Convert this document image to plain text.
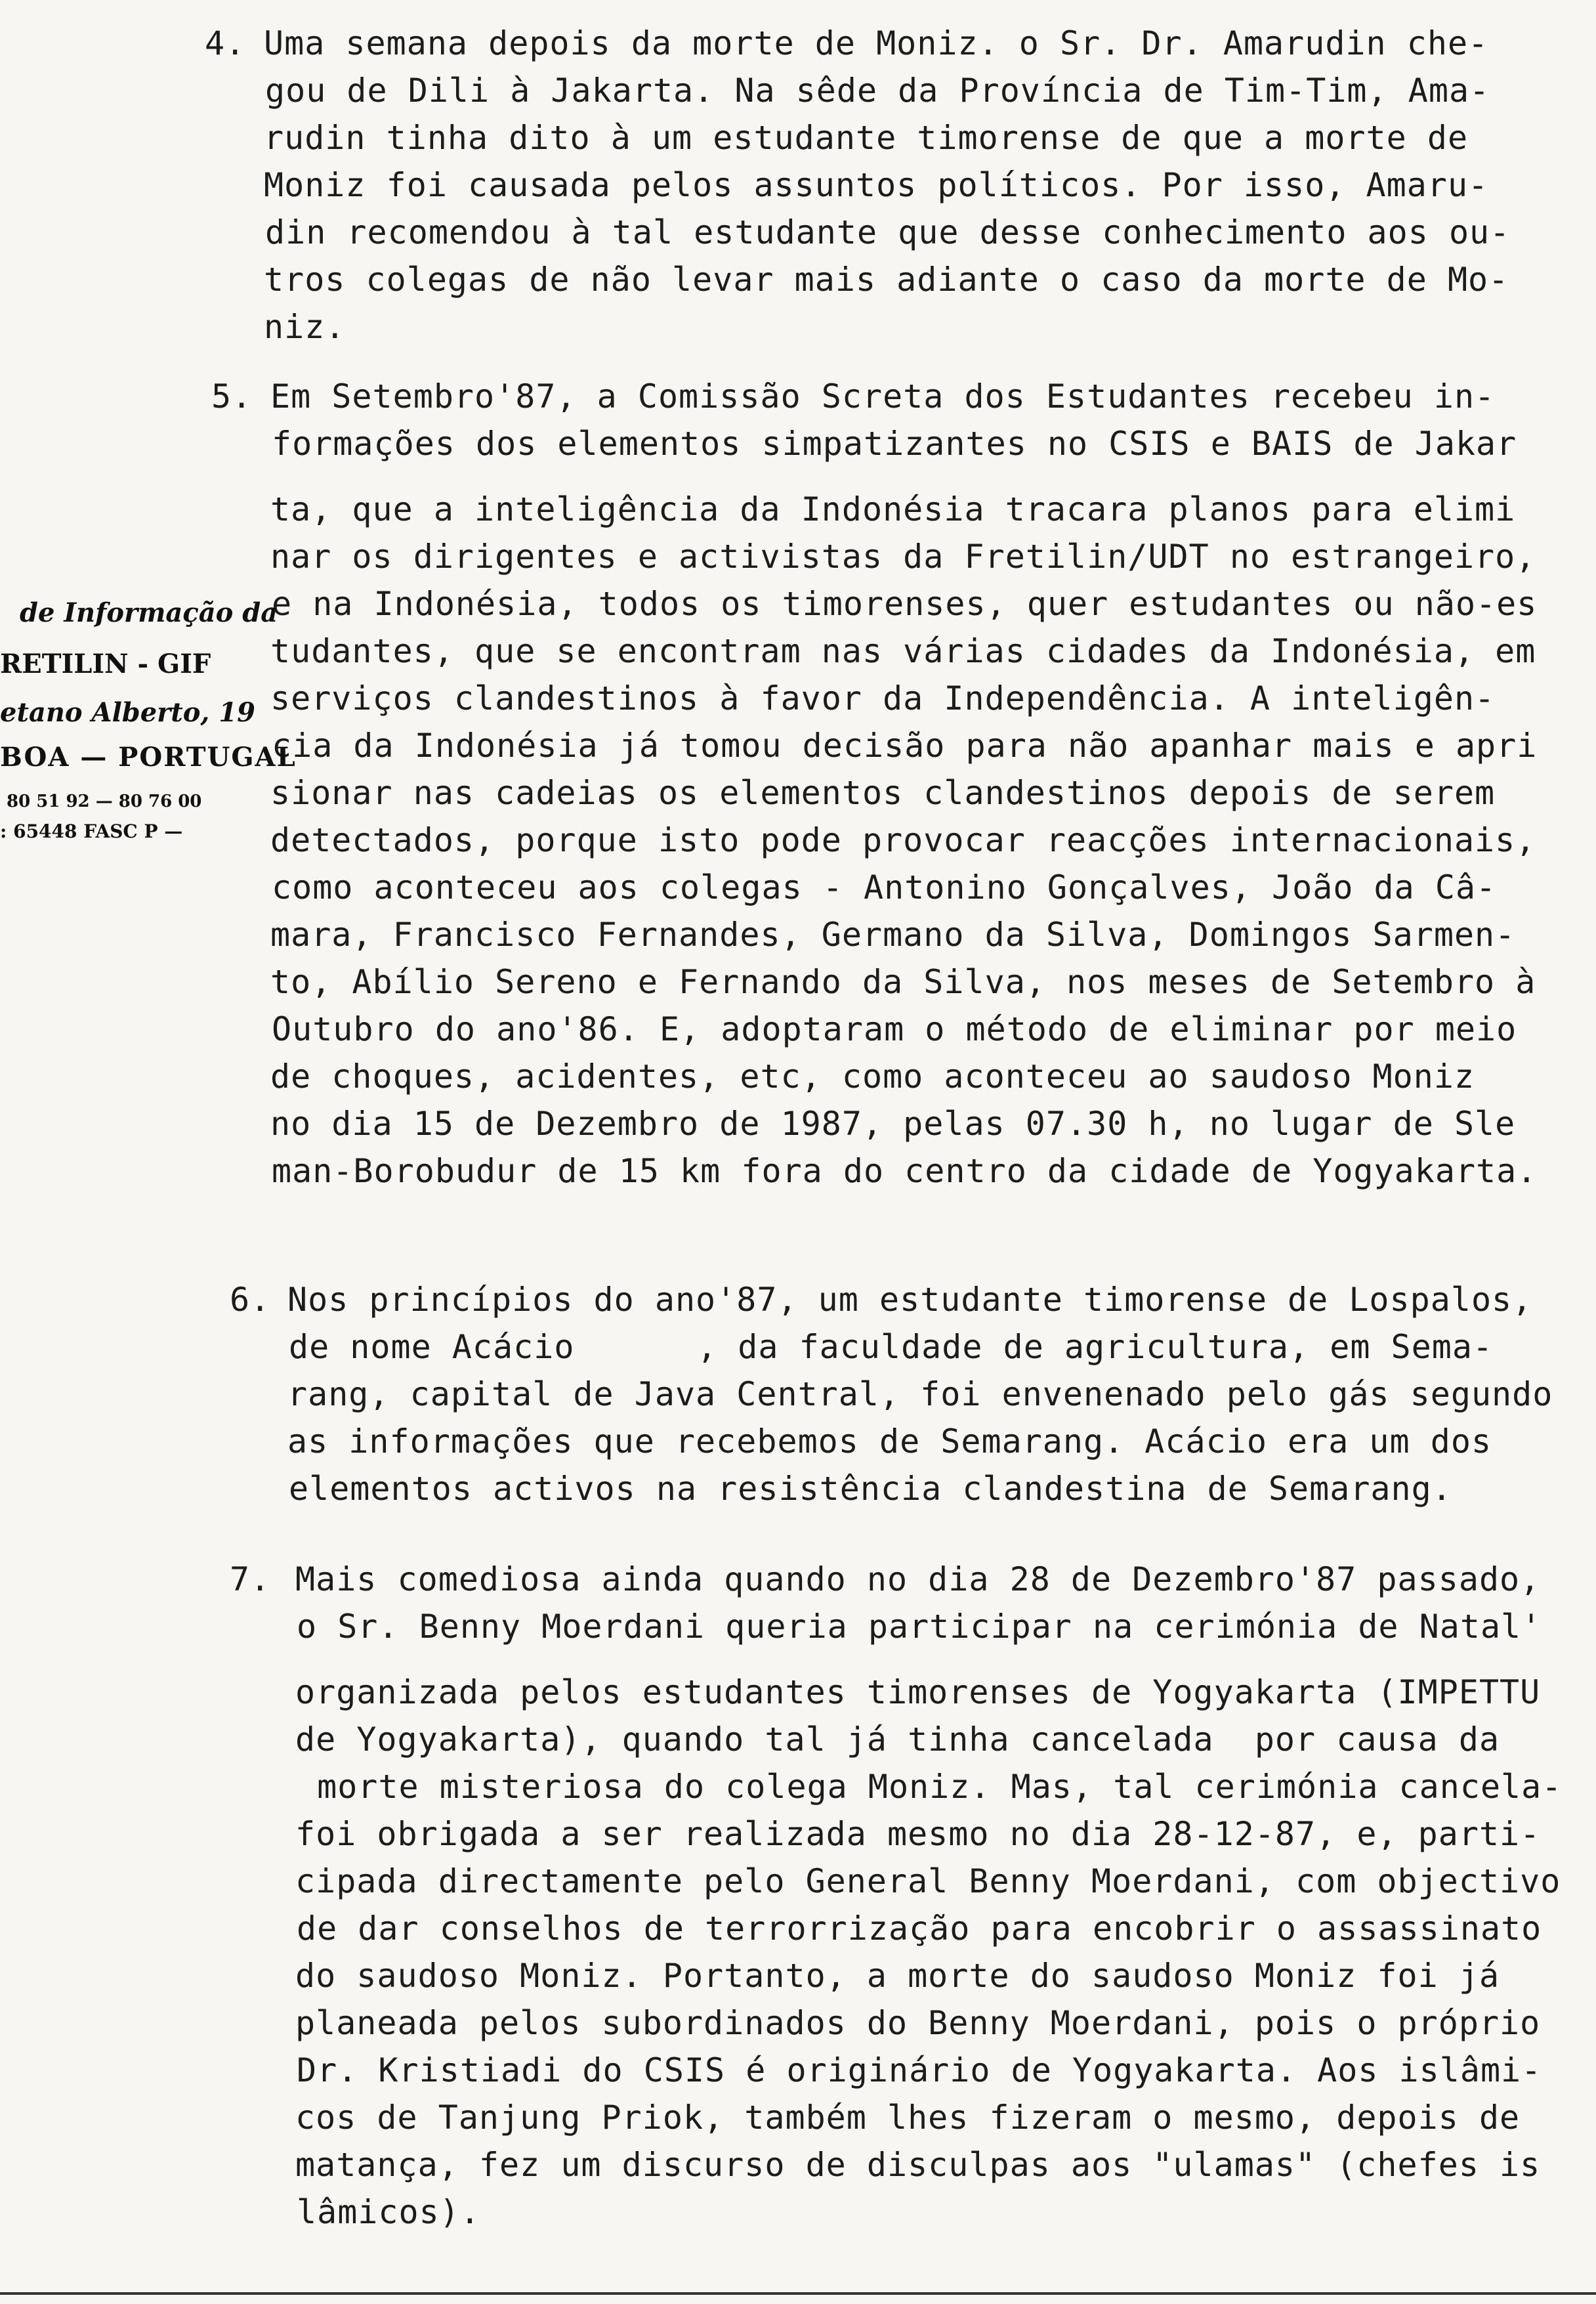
4. Uma semana depois da morte de Moniz. o Sr. Dr. Amarudin che-
gou de Dili à Jakarta. Na sêde da Província de Tim-Tim, Ama-
rudin tinha dito à um estudante timorense de que a morte de
Moniz foi causada pelos assuntos políticos. Por isso, Amaru-
din recomendou à tal estudante que desse conhecimento aos ou-
tros colegas de não levar mais adiante o caso da morte de Mo-
niz.
5. Em Setembro'87, a Comissão Screta dos Estudantes recebeu in-
formações dos elementos simpatizantes no CSIS e BAIS de Jakar
ta, que a inteligência da Indonésia tracara planos para elimi
nar os dirigentes e activistas da Fretilin/UDT no estrangeiro,
e na Indonésia, todos os timorenses, quer estudantes ou não-es
tudantes, que se encontram nas várias cidades da Indonésia, em
serviços clandestinos à favor da Independência. A inteligên-
cia da Indonésia já tomou decisão para não apanhar mais e apri
sionar nas cadeias os elementos clandestinos depois de serem
detectados, porque isto pode provocar reacções internacionais,
como aconteceu aos colegas - Antonino Gonçalves, João da Câ-
mara, Francisco Fernandes, Germano da Silva, Domingos Sarmen-
to, Abílio Sereno e Fernando da Silva, nos meses de Setembro à
Outubro do ano'86. E, adoptaram o método de eliminar por meio
de choques, acidentes, etc, como aconteceu ao saudoso Moniz
no dia 15 de Dezembro de 1987, pelas 07.30 h, no lugar de Sle
man-Borobudur de 15 km fora do centro da cidade de Yogyakarta.
6. Nos princípios do ano'87, um estudante timorense de Lospalos,
de nome Acácio      , da faculdade de agricultura, em Sema-
rang, capital de Java Central, foi envenenado pelo gás segundo
as informações que recebemos de Semarang. Acácio era um dos
elementos activos na resistência clandestina de Semarang.
7. Mais comediosa ainda quando no dia 28 de Dezembro'87 passado,
o Sr. Benny Moerdani queria participar na cerimónia de Natal'
organizada pelos estudantes timorenses de Yogyakarta (IMPETTU
de Yogyakarta), quando tal já tinha cancelada  por causa da
morte misteriosa do colega Moniz. Mas, tal cerimónia cancela-
foi obrigada a ser realizada mesmo no dia 28-12-87, e, parti-
cipada directamente pelo General Benny Moerdani, com objectivo
de dar conselhos de terrorrização para encobrir o assassinato
do saudoso Moniz. Portanto, a morte do saudoso Moniz foi já
planeada pelos subordinados do Benny Moerdani, pois o próprio
Dr. Kristiadi do CSIS é originário de Yogyakarta. Aos islâmi-
cos de Tanjung Priok, também lhes fizeram o mesmo, depois de
matança, fez um discurso de disculpas aos "ulamas" (chefes is
lâmicos).
de Informação da
RETILIN - GIF
etano Alberto, 19
BOA — PORTUGAL
80 51 92 — 80 76 00
: 65448 FASC P —
